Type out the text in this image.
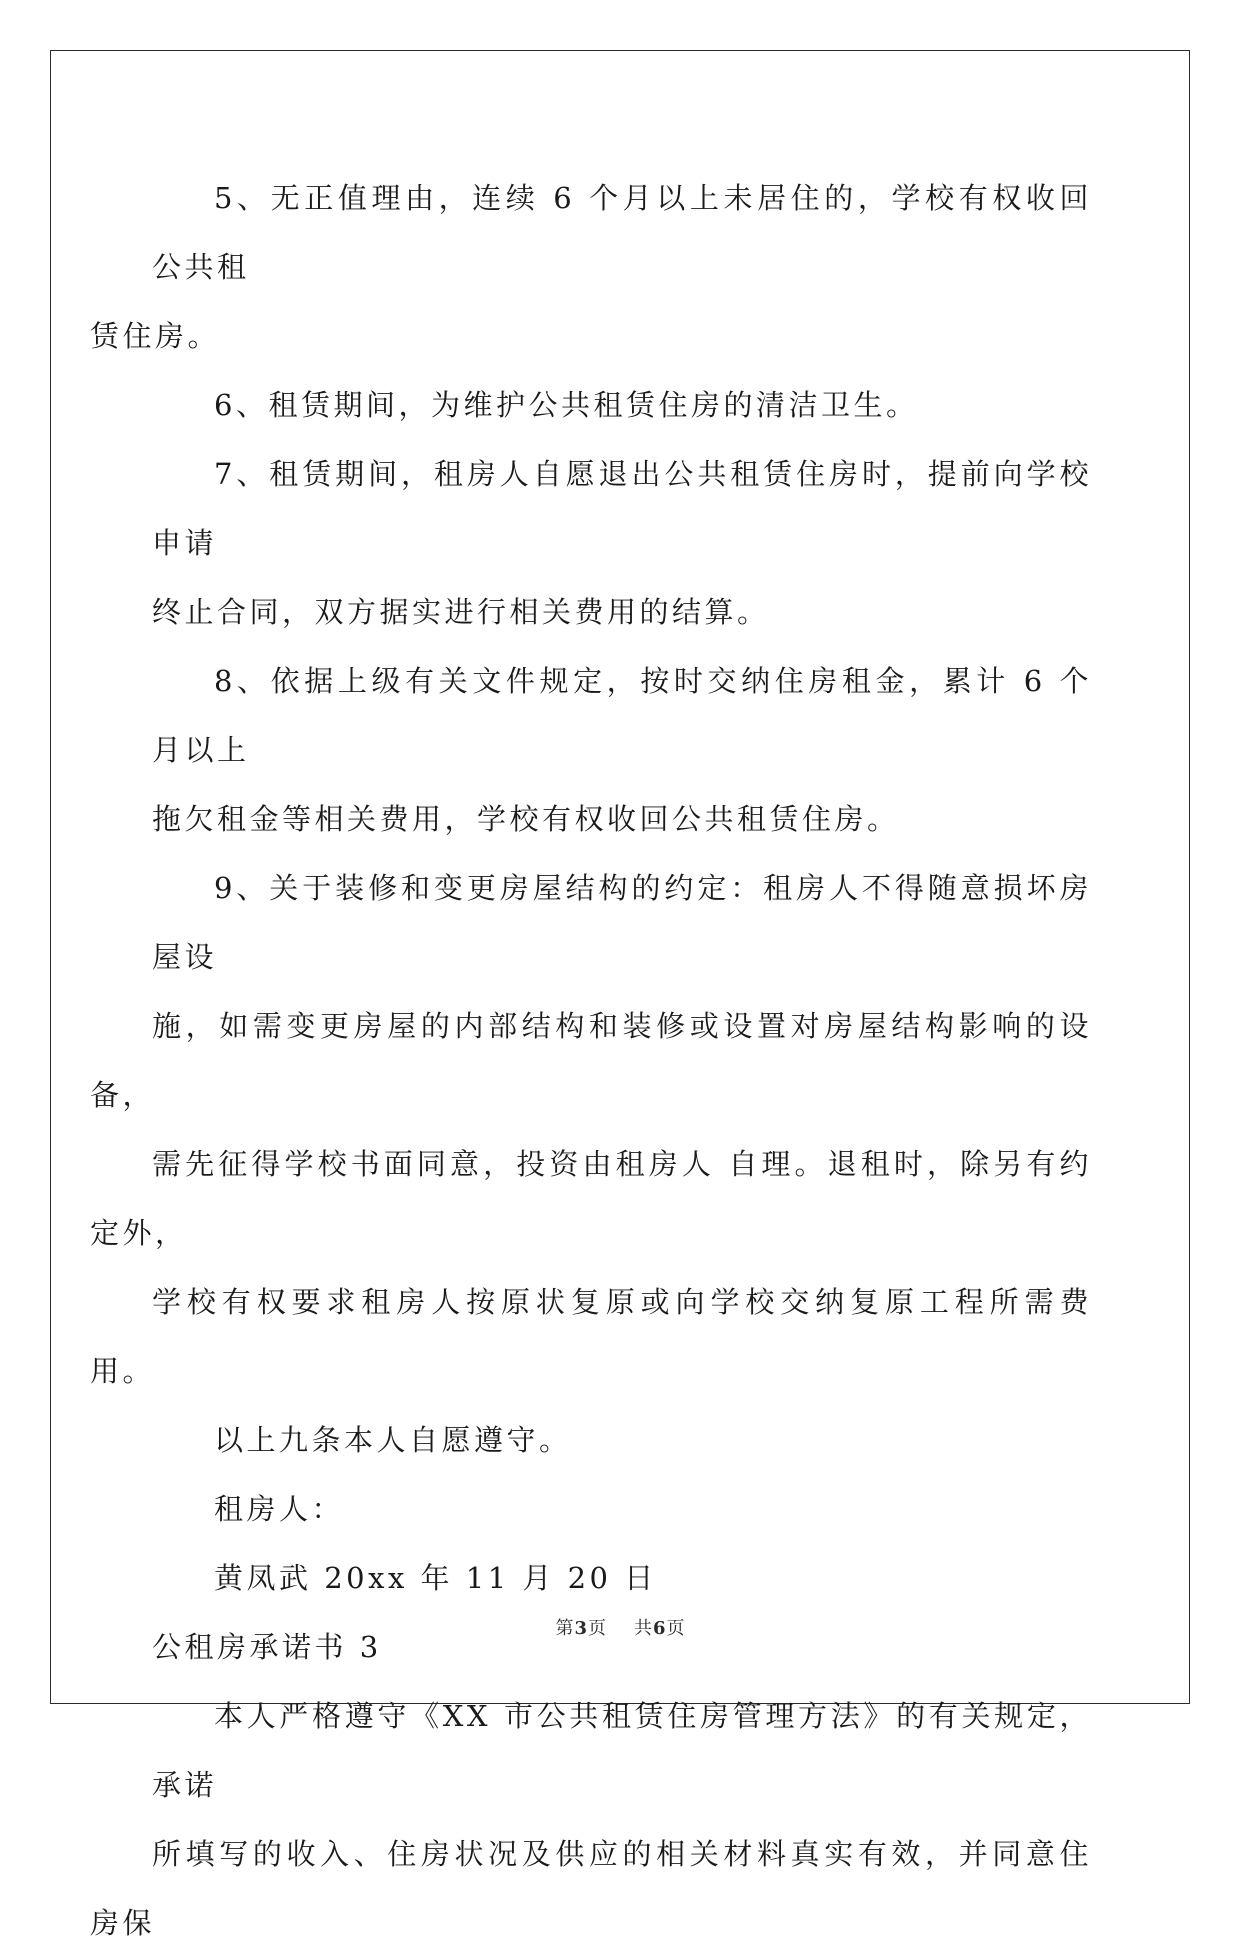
5、无正值理由，连续 6 个月以上未居住的，学校有权收回公共租
赁住房。

6、租赁期间，为维护公共租赁住房的清洁卫生。

7、租赁期间，租房人自愿退出公共租赁住房时，提前向学校申请
终止合同，双方据实进行相关费用的结算。

8、依据上级有关文件规定，按时交纳住房租金，累计 6 个月以上
拖欠租金等相关费用，学校有权收回公共租赁住房。

9、关于装修和变更房屋结构的约定：租房人不得随意损坏房屋设
施，如需变更房屋的内部结构和装修或设置对房屋结构影响的设备，
需先征得学校书面同意，投资由租房人 自理。退租时，除另有约定外，
学校有权要求租房人按原状复原或向学校交纳复原工程所需费用。

以上九条本人自愿遵守。

租房人：

黄凤武 20xx 年 11 月 20 日

公租房承诺书 3

本人严格遵守《XX 市公共租赁住房管理方法》的有关规定，承诺
所填写的收入、住房状况及供应的相关材料真实有效，并同意住房保

第3页 共6页
